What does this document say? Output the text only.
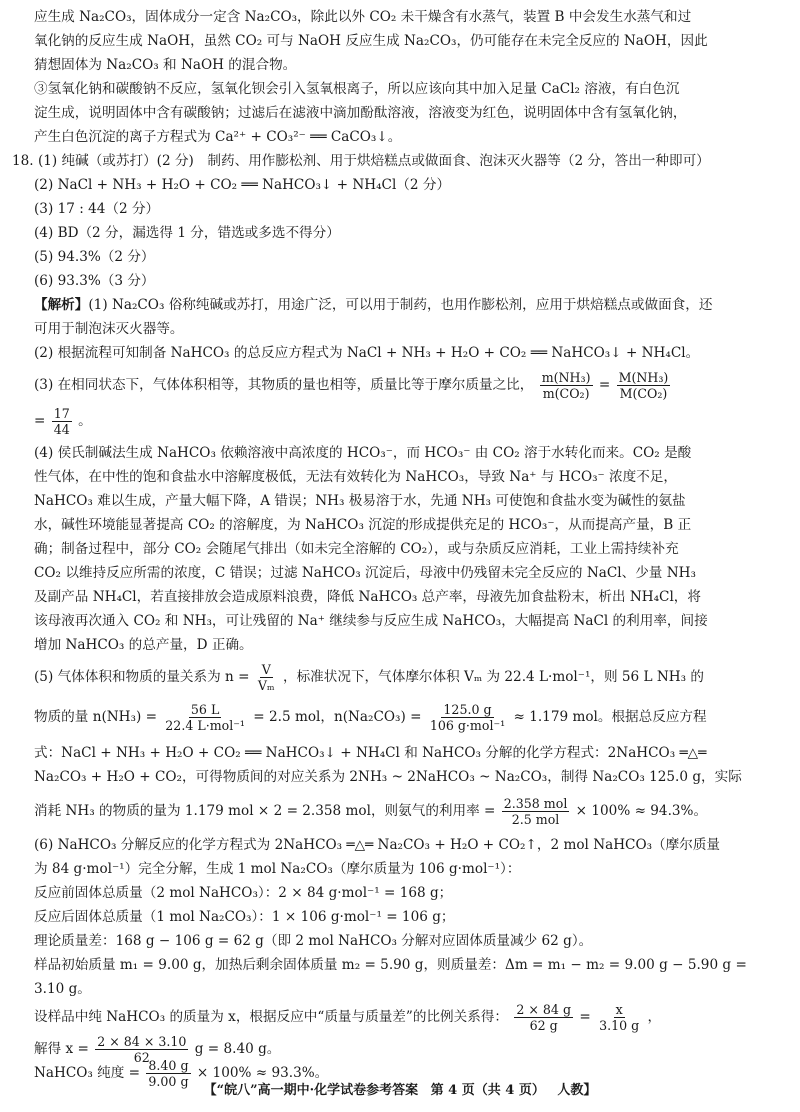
应生成 Na₂CO₃，固体成分一定含 Na₂CO₃，除此以外 CO₂ 未干燥含有水蒸气，装置 B 中会发生水蒸气和过
氧化钠的反应生成 NaOH，虽然 CO₂ 可与 NaOH 反应生成 Na₂CO₃，仍可能存在未完全反应的 NaOH，因此
猜想固体为 Na₂CO₃ 和 NaOH 的混合物。
③氢氧化钠和碳酸钠不反应，氢氧化钡会引入氢氧根离子，所以应该向其中加入足量 CaCl₂ 溶液，有白色沉
淀生成，说明固体中含有碳酸钠；过滤后在滤液中滴加酚酞溶液，溶液变为红色，说明固体中含有氢氧化钠，
产生白色沉淀的离子方程式为 Ca²⁺ + CO₃²⁻ ══ CaCO₃↓。
18. (1) 纯碱（或苏打）(2 分)　制药、用作膨松剂、用于烘焙糕点或做面食、泡沫灭火器等（2 分，答出一种即可）
(2) NaCl + NH₃ + H₂O + CO₂ ══ NaHCO₃↓ + NH₄Cl（2 分）
(3) 17 : 44（2 分）
(4) BD（2 分，漏选得 1 分，错选或多选不得分）
(5) 94.3%（2 分）
(6) 93.3%（3 分）
【解析】(1) Na₂CO₃ 俗称纯碱或苏打，用途广泛，可以用于制药，也用作膨松剂，应用于烘焙糕点或做面食，还
可用于制泡沫灭火器等。
(2) 根据流程可知制备 NaHCO₃ 的总反应方程式为 NaCl + NH₃ + H₂O + CO₂ ══ NaHCO₃↓ + NH₄Cl。
(3) 在相同状态下，气体体积相等，其物质的量也相等，质量比等于摩尔质量之比， $\frac{\text{m(NH₃)}}{\text{m(CO₂)}} = \frac{\text{M(NH₃)}}{\text{M(CO₂)}}$
= $\frac{17}{44}$ 。
(4) 侯氏制碱法生成 NaHCO₃ 依赖溶液中高浓度的 HCO₃⁻，而 HCO₃⁻ 由 CO₂ 溶于水转化而来。CO₂ 是酸
性气体，在中性的饱和食盐水中溶解度极低，无法有效转化为 NaHCO₃，导致 Na⁺ 与 HCO₃⁻ 浓度不足，
NaHCO₃ 难以生成，产量大幅下降，A 错误；NH₃ 极易溶于水，先通 NH₃ 可使饱和食盐水变为碱性的氨盐
水，碱性环境能显著提高 CO₂ 的溶解度，为 NaHCO₃ 沉淀的形成提供充足的 HCO₃⁻，从而提高产量，B 正
确；制备过程中，部分 CO₂ 会随尾气排出（如未完全溶解的 CO₂），或与杂质反应消耗，工业上需持续补充
CO₂ 以维持反应所需的浓度，C 错误；过滤 NaHCO₃ 沉淀后，母液中仍残留未完全反应的 NaCl、少量 NH₃
及副产品 NH₄Cl，若直接排放会造成原料浪费，降低 NaHCO₃ 总产率，母液先加食盐粉末，析出 NH₄Cl，将
该母液再次通入 CO₂ 和 NH₃，可让残留的 Na⁺ 继续参与反应生成 NaHCO₃，大幅提高 NaCl 的利用率，间接
增加 NaHCO₃ 的总产量，D 正确。
(5) 气体体积和物质的量关系为 $n = \frac{V}{\text{Vₘ}}$ ，标准状况下，气体摩尔体积 Vₘ 为 22.4 L·mol⁻¹，则 56 L NH₃ 的
物质的量 $n(NH_3) = \frac{56 L}{\text{22.4 L·mol⁻¹}} = 2.5$ mol，$n(Na_2CO_3) = \frac{125.0 g}{\text{106 g·mol⁻¹}} \approx 1.179$ mol。根据总反应方程
式：NaCl + NH₃ + H₂O + CO₂ ══ NaHCO₃↓ + NH₄Cl 和 NaHCO₃ 分解的化学方程式：2NaHCO₃ ═△═
Na₂CO₃ + H₂O + CO₂，可得物质间的对应关系为 2NH₃ ~ 2NaHCO₃ ~ Na₂CO₃，制得 Na₂CO₃ 125.0 g，实际
消耗 NH₃ 的物质的量为 1.179 mol × 2 = 2.358 mol，则氨气的利用率 = $\frac{\text{2.358 mol}}{\text{2.5 mol}} \times 100\% \approx 94.3\%$。
(6) NaHCO₃ 分解反应的化学方程式为 2NaHCO₃ ═△═ Na₂CO₃ + H₂O + CO₂↑，2 mol NaHCO₃（摩尔质量
为 84 g·mol⁻¹）完全分解，生成 1 mol Na₂CO₃（摩尔质量为 106 g·mol⁻¹）：
反应前固体总质量（2 mol NaHCO₃）：2 × 84 g·mol⁻¹ = 168 g；
反应后固体总质量（1 mol Na₂CO₃）：1 × 106 g·mol⁻¹ = 106 g；
理论质量差：168 g − 106 g = 62 g（即 2 mol NaHCO₃ 分解对应固体质量减少 62 g）。
样品初始质量 m₁ = 9.00 g，加热后剩余固体质量 m₂ = 5.90 g，则质量差：Δm = m₁ − m₂ = 9.00 g − 5.90 g =
3.10 g。
设样品中纯 NaHCO₃ 的质量为 x，根据反应中“质量与质量差”的比例关系得： $\frac{2 \times 84 g}{62 g} = \frac{x}{3.10 g}$ ，
解得 $x = \frac{2 \times 84 \times 3.10}{62}$ g = 8.40 g。
NaHCO₃ 纯度 = $\frac{8.40 g}{9.00 g} \times 100\% \approx 93.3\%$。
【“皖八”高一期中·化学试卷参考答案 第 4 页（共 4 页） 人教】
